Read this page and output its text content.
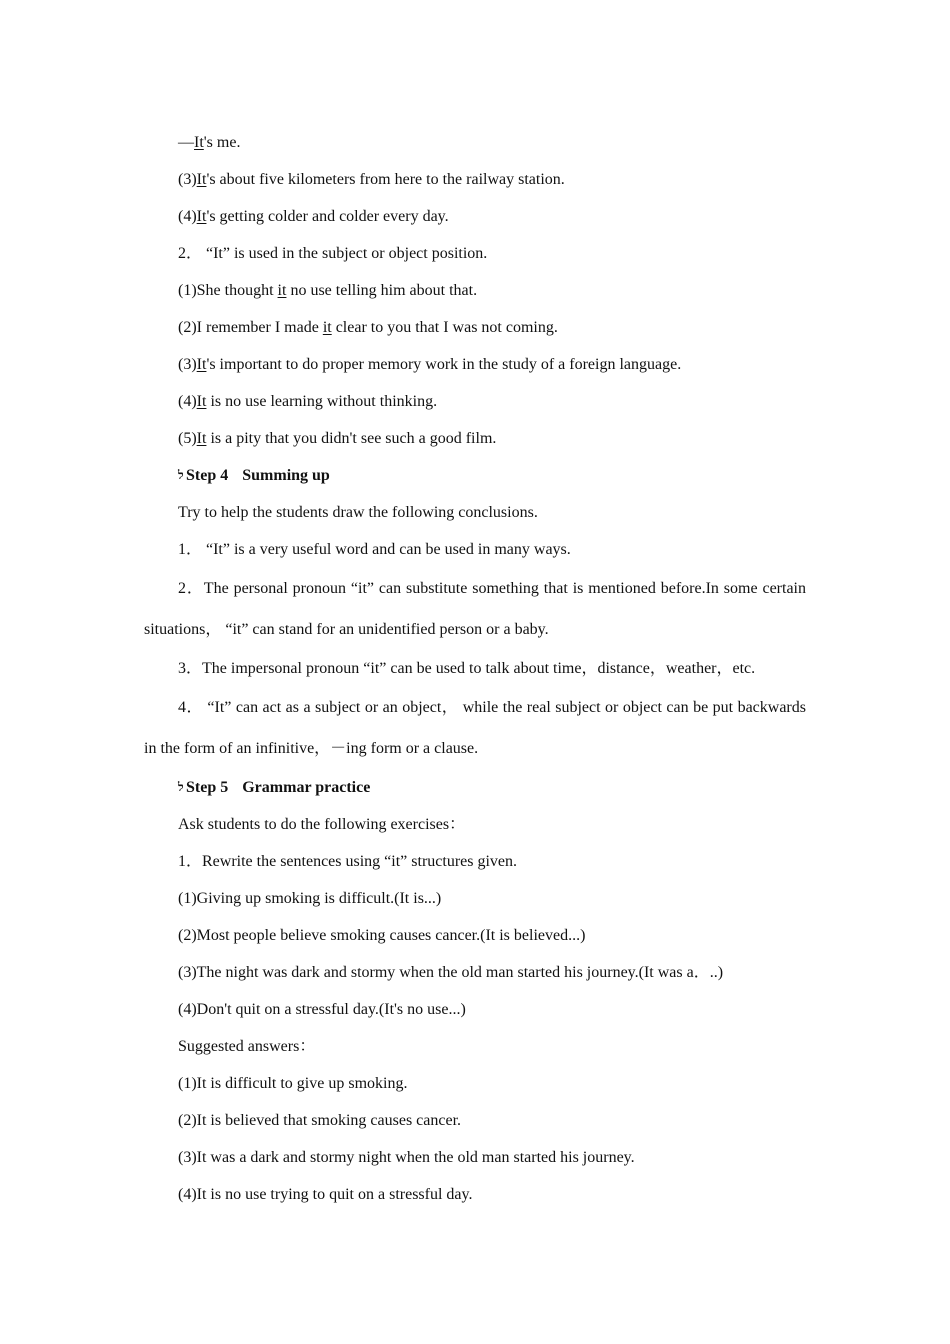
—It's me.

(3)It's about five kilometers from here to the railway station.

(4)It's getting colder and colder every day.

2． “It” is used in the subject or object position.

(1)She thought it no use telling him about that.

(2)I remember I made it clear to you that I was not coming.

(3)It's important to do proper memory work in the study of a foreign language.

(4)It is no use learning without thinking.

(5)It is a pity that you didn't see such a good film.

ל Step 4 Summing up

Try to help the students draw the following conclusions.

1． “It” is a very useful word and can be used in many ways.

2．The personal pronoun “it” can substitute something that is mentioned before.In some certain situations， “it” can stand for an unidentified person or a baby.

3．The impersonal pronoun “it” can be used to talk about time，distance，weather，etc.

4． “It” can act as a subject or an object， while the real subject or object can be put backwards in the form of an infinitive，－ing form or a clause.

ל Step 5 Grammar practice

Ask students to do the following exercises：

1．Rewrite the sentences using “it” structures given.

(1)Giving up smoking is difficult.(It is...)

(2)Most people believe smoking causes cancer.(It is believed...)

(3)The night was dark and stormy when the old man started his journey.(It was a．..)

(4)Don't quit on a stressful day.(It's no use...)

Suggested answers：

(1)It is difficult to give up smoking.

(2)It is believed that smoking causes cancer.

(3)It was a dark and stormy night when the old man started his journey.

(4)It is no use trying to quit on a stressful day.
